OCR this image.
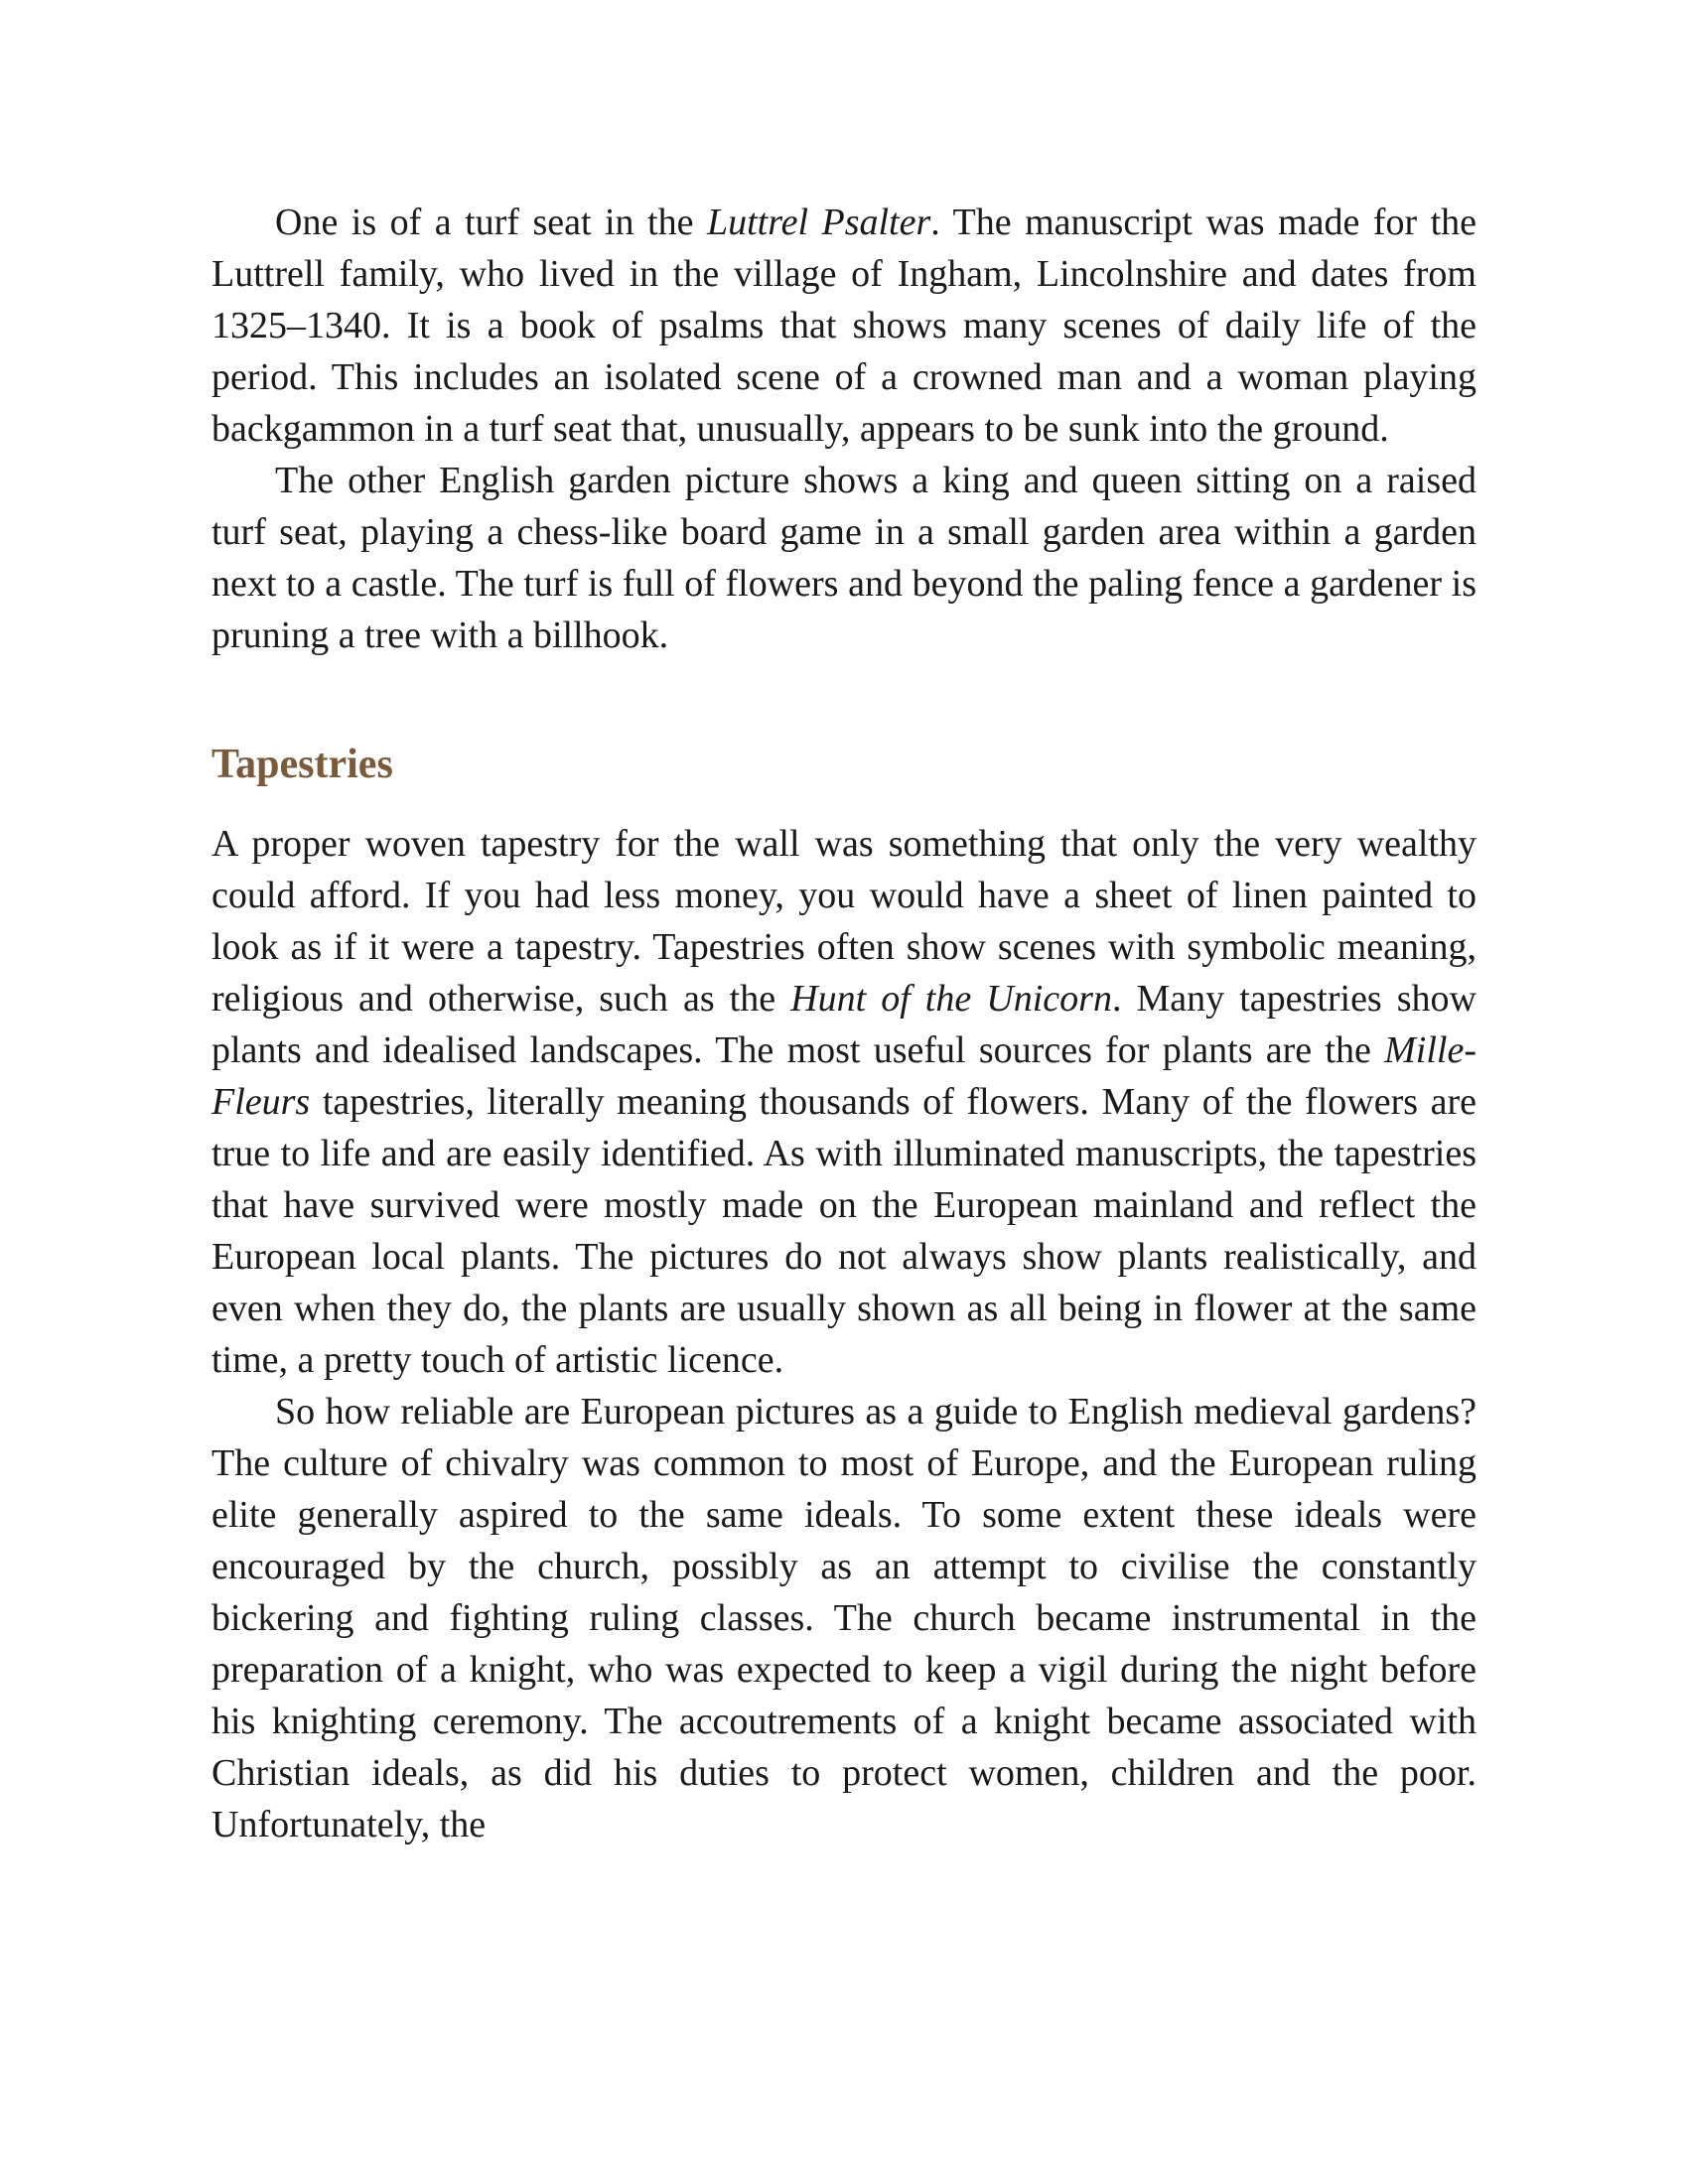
One is of a turf seat in the Luttrel Psalter. The manuscript was made for the Luttrell family, who lived in the village of Ingham, Lincolnshire and dates from 1325–1340. It is a book of psalms that shows many scenes of daily life of the period. This includes an isolated scene of a crowned man and a woman playing backgammon in a turf seat that, unusually, appears to be sunk into the ground.

The other English garden picture shows a king and queen sitting on a raised turf seat, playing a chess-like board game in a small garden area within a garden next to a castle. The turf is full of flowers and beyond the paling fence a gardener is pruning a tree with a billhook.

Tapestries

A proper woven tapestry for the wall was something that only the very wealthy could afford. If you had less money, you would have a sheet of linen painted to look as if it were a tapestry. Tapestries often show scenes with symbolic meaning, religious and otherwise, such as the Hunt of the Unicorn. Many tapestries show plants and idealised landscapes. The most useful sources for plants are the Mille-Fleurs tapestries, literally meaning thousands of flowers. Many of the flowers are true to life and are easily identified. As with illuminated manuscripts, the tapestries that have survived were mostly made on the European mainland and reflect the European local plants. The pictures do not always show plants realistically, and even when they do, the plants are usually shown as all being in flower at the same time, a pretty touch of artistic licence.

So how reliable are European pictures as a guide to English medieval gardens? The culture of chivalry was common to most of Europe, and the European ruling elite generally aspired to the same ideals. To some extent these ideals were encouraged by the church, possibly as an attempt to civilise the constantly bickering and fighting ruling classes. The church became instrumental in the preparation of a knight, who was expected to keep a vigil during the night before his knighting ceremony. The accoutrements of a knight became associated with Christian ideals, as did his duties to protect women, children and the poor. Unfortunately, the
